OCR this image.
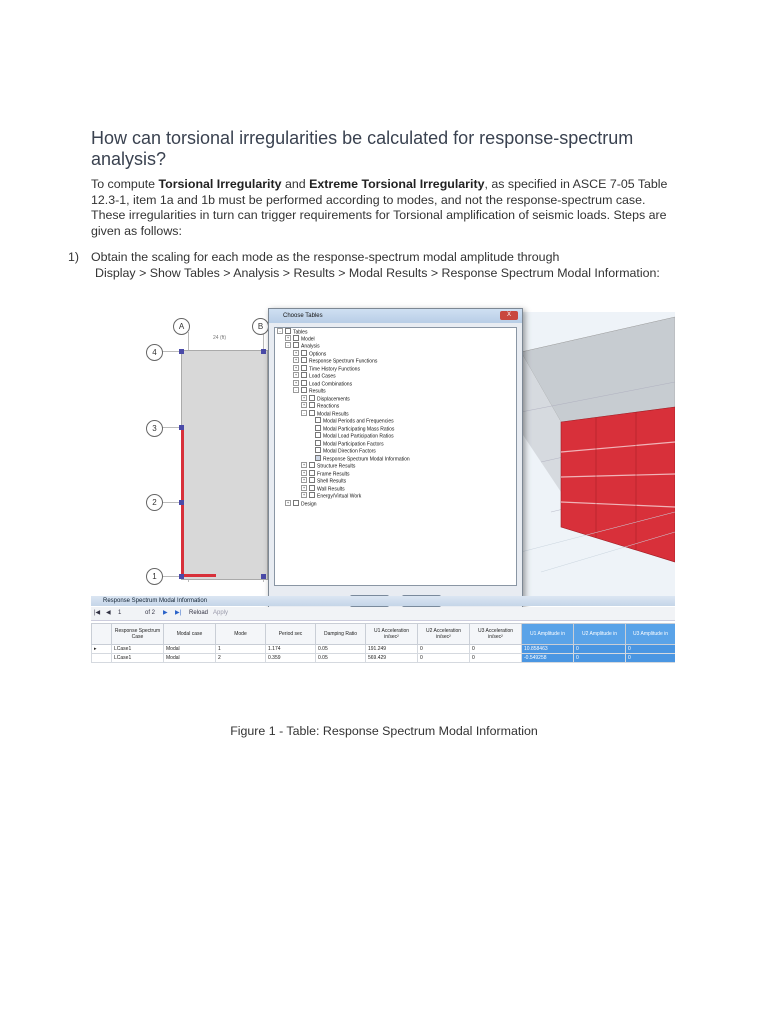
How can torsional irregularities be calculated for response-spectrum analysis?

To compute Torsional Irregularity and Extreme Torsional Irregularity, as specified in ASCE 7-05 Table 12.3-1, item 1a and 1b must be performed according to modes, and not the response-spectrum case. These irregularities in turn can trigger requirements for Torsional amplification of seismic loads. Steps are given as follows:

1) Obtain the scaling for each mode as the response-spectrum modal amplitude through
Display > Show Tables > Analysis > Results > Modal Results > Response Spectrum Modal Information:

A	B
4
3
2
1
24 (ft)
Choose Tables	X
- Tables
+ Model
- Analysis
+ Options
+ Response Spectrum Functions
+ Time History Functions
+ Load Cases
+ Load Combinations
- Results
+ Displacements
+ Reactions
- Modal Results
Modal Periods and Frequencies
Modal Participating Mass Ratios
Modal Load Participation Ratios
Modal Participation Factors
Modal Direction Factors
Response Spectrum Modal Information
+ Structure Results
+ Frame Results
+ Shell Results
+ Wall Results
+ Energy/Virtual Work
+ Design
Response Spectrum Modal Information
|◀ ◀ 1	of 2 ▶ ▶| Reload Apply
	Response Spectrum Case	Modal case	Mode	Period sec	Damping Ratio	U1 Acceleration in/sec²	U2 Acceleration in/sec²	U3 Acceleration in/sec²	U1 Amplitude in	U2 Amplitude in	U3 Amplitude in
▸	LCase1	Modal	1	1.174	0.05	191.249	0	0	10.858463	0	0
	LCase1	Modal	2	0.359	0.05	569.429	0	0	-0.549258	0	0
Figure 1 - Table: Response Spectrum Modal Information
